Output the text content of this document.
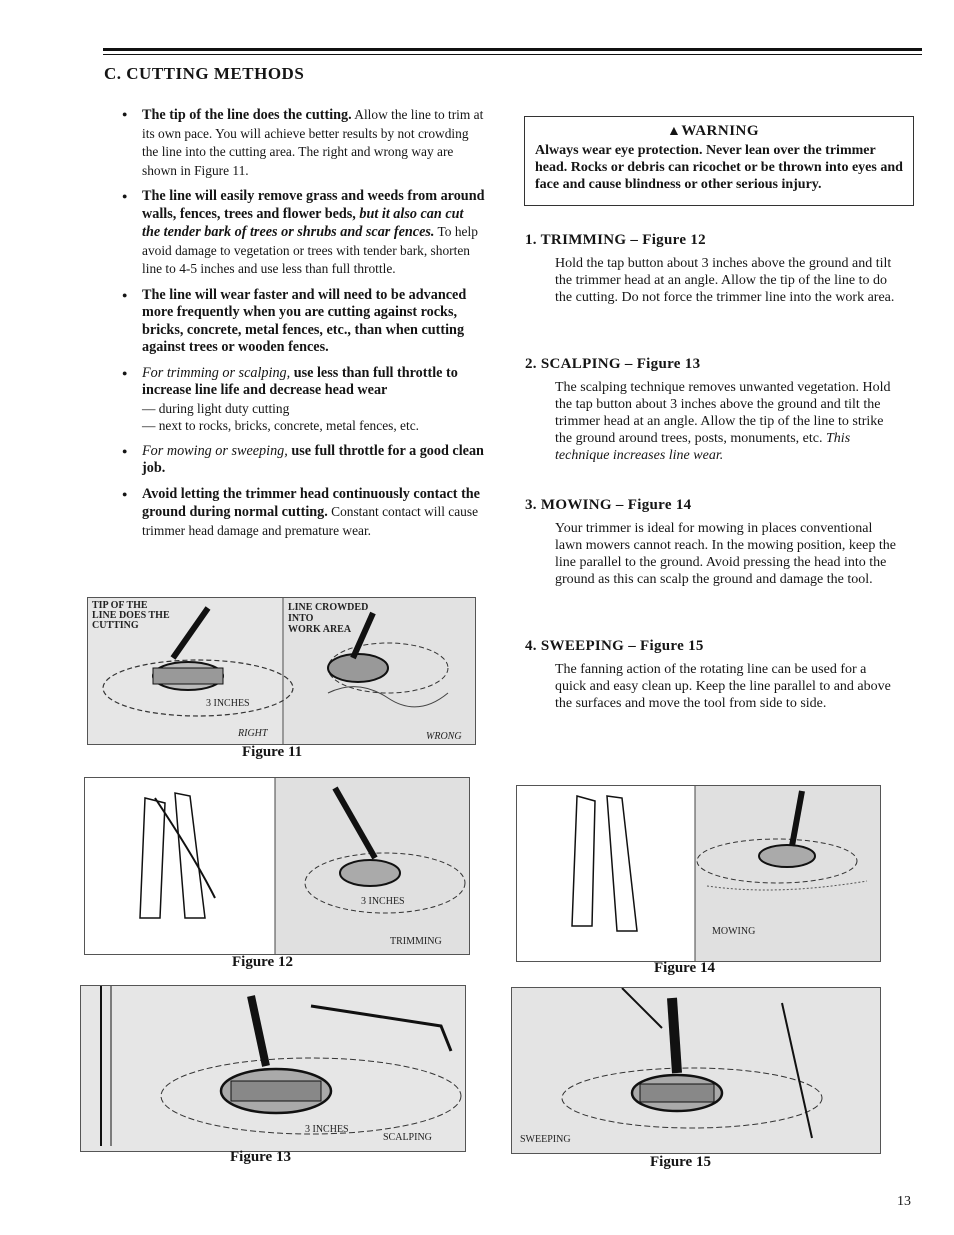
C. CUTTING METHODS
● The tip of the line does the cutting. Allow the line to trim at its own pace. You will achieve better results by not crowding the line into the cutting area. The right and wrong way are shown in Figure 11.
● The line will easily remove grass and weeds from around walls, fences, trees and flower beds, but it also can cut the tender bark of trees or shrubs and scar fences. To help avoid damage to vegetation or trees with tender bark, shorten line to 4-5 inches and use less than full throttle.
● The line will wear faster and will need to be advanced more frequently when you are cutting against rocks, bricks, concrete, metal fences, etc., than when cutting against trees or wooden fences.
● For trimming or scalping, use less than full throttle to increase line life and decrease head wear
— during light duty cutting
— next to rocks, bricks, concrete, metal fences, etc.
● For mowing or sweeping, use full throttle for a good clean job.
● Avoid letting the trimmer head continuously contact the ground during normal cutting. Constant contact will cause trimmer head damage and premature wear.
▲WARNING
Always wear eye protection. Never lean over the trimmer head. Rocks or debris can ricochet or be thrown into eyes and face and cause blindness or other serious injury.
1. TRIMMING – Figure 12
Hold the tap button about 3 inches above the ground and tilt the trimmer head at an angle. Allow the tip of the line to do the cutting. Do not force the trimmer line into the work area.
2. SCALPING – Figure 13
The scalping technique removes unwanted vegetation. Hold the tap button about 3 inches above the ground and tilt the trimmer head at an angle. Allow the tip of the line to strike the ground around trees, posts, monuments, etc. This technique increases line wear.
3. MOWING – Figure 14
Your trimmer is ideal for mowing in places conventional lawn mowers cannot reach. In the mowing position, keep the line parallel to the ground. Avoid pressing the head into the ground as this can scalp the ground and damage the tool.
4. SWEEPING – Figure 15
The fanning action of the rotating line can be used for a quick and easy clean up. Keep the line parallel to and above the surfaces and move the tool from side to side.
TIP OF THE
LINE DOES THE
CUTTING
LINE CROWDED
INTO
WORK AREA
3 INCHES
RIGHT	WRONG
Figure 11
3 INCHES
TRIMMING
Figure 12
3 INCHES
SCALPING
Figure 13
MOWING
Figure 14
SWEEPING
Figure 15
13
